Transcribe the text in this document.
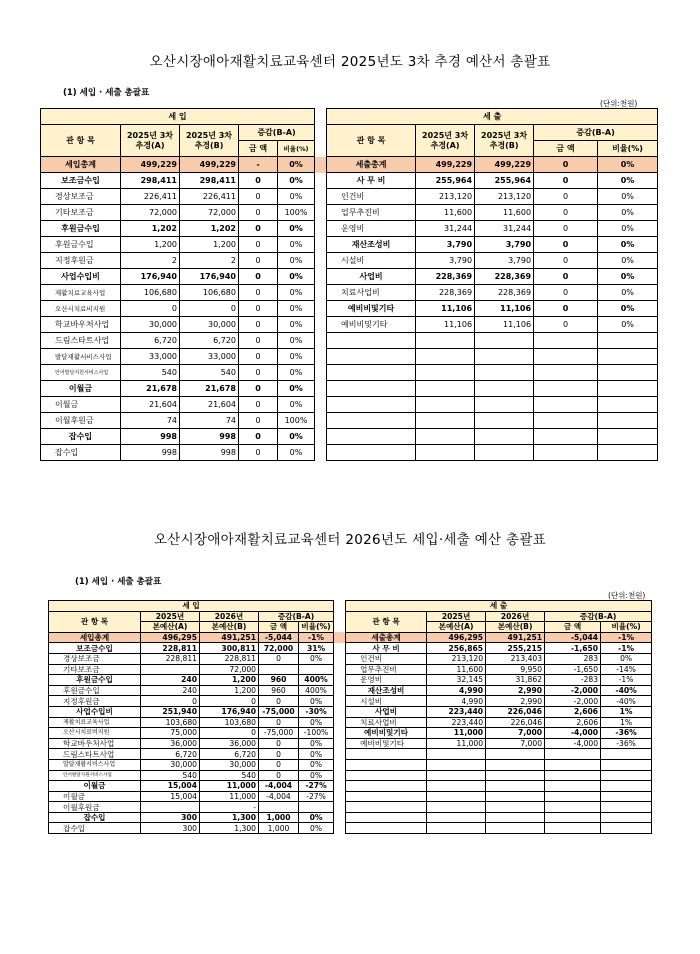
오산시장애아재활치료교육센터 2025년도 3차 추경 예산서 총괄표
(1) 세입 · 세출 총괄표
(단위:천원)
세 입						세 출				
관 항 목	2025년 3차 추경(A)	2025년 3차 추경(B)	증감(B-A)			관 항 목	2025년 3차 추경(A)	2025년 3차 추경(B)	증감(B-A)	
			금 액	비율(%)					금 액	비율(%)
세입총계	499,229	499,229	-	0%		세출총계	499,229	499,229	0	0%
보조금수입	298,411	298,411	0	0%		사 무 비	255,964	255,964	0	0%
경상보조금	226,411	226,411	0	0%		인건비	213,120	213,120	0	0%
기타보조금	72,000	72,000	0	100%		업무추진비	11,600	11,600	0	0%
후원금수입	1,202	1,202	0	0%		운영비	31,244	31,244	0	0%
후원금수입	1,200	1,200	0	0%		재산조성비	3,790	3,790	0	0%
지정후원금	2	2	0	0%		시설비	3,790	3,790	0	0%
사업수입비	176,940	176,940	0	0%		사업비	228,369	228,369	0	0%
재활치료교육사업	106,680	106,680	0	0%		치료사업비	228,369	228,369	0	0%
오산시치료비지원	0	0	0	0%		예비비및기타	11,106	11,106	0	0%
학교바우처사업	30,000	30,000	0	0%		예비비및기타	11,106	11,106	0	0%
드림스타트사업	6,720	6,720	0	0%						
발달재활서비스사업	33,000	33,000	0	0%						
언어발달지원서비스사업	540	540	0	0%						
이월금	21,678	21,678	0	0%						
이월금	21,604	21,604	0	0%						
이월후원금	74	74	0	100%						
잡수입	998	998	0	0%						
잡수입	998	998	0	0%						
오산시장애아재활치료교육센터 2026년도 세입·세출 예산 총괄표
(1) 세입 · 세출 총괄표
(단위:천원)
세 입						세 출				
관 항 목	2025년	2026년	증감(B-A)			관 항 목	2025년	2026년	증감(B-A)	
	본예산(A)	본예산(B)	금 액	비율(%)			본예산(A)	본예산(B)	금 액	비율(%)
세입총계	496,295	491,251	-5,044	-1%		세출총계	496,295	491,251	-5,044	-1%
보조금수입	228,811	300,811	72,000	31%		사 무 비	256,865	255,215	-1,650	-1%
경상보조금	228,811	228,811	0	0%		인건비	213,120	213,403	283	0%
기타보조금		72,000				업무추진비	11,600	9,950	-1,650	-14%
후원금수입	240	1,200	960	400%		운영비	32,145	31,862	-283	-1%
후원금수입	240	1,200	960	400%		재산조성비	4,990	2,990	-2,000	-40%
지정후원금	0	0	0	0%		시설비	4,990	2,990	-2,000	-40%
사업수입비	251,940	176,940	-75,000	-30%		사업비	223,440	226,046	2,606	1%
재활치료교육사업	103,680	103,680	0	0%		치료사업비	223,440	226,046	2,606	1%
오산시치료비지원	75,000	0	-75,000	-100%		예비비및기타	11,000	7,000	-4,000	-36%
학교바우처사업	36,000	36,000	0	0%		예비비및기타	11,000	7,000	-4,000	-36%
드림스타트사업	6,720	6,720	0	0%						
발달재활서비스사업	30,000	30,000	0	0%						
언어발달지원서비스사업	540	540	0	0%						
이월금	15,004	11,000	-4,004	-27%						
이월금	15,004	11,000	-4,004	-27%						
이월후원금		-								
잡수입	300	1,300	1,000	0%						
잡수입	300	1,300	1,000	0%						
